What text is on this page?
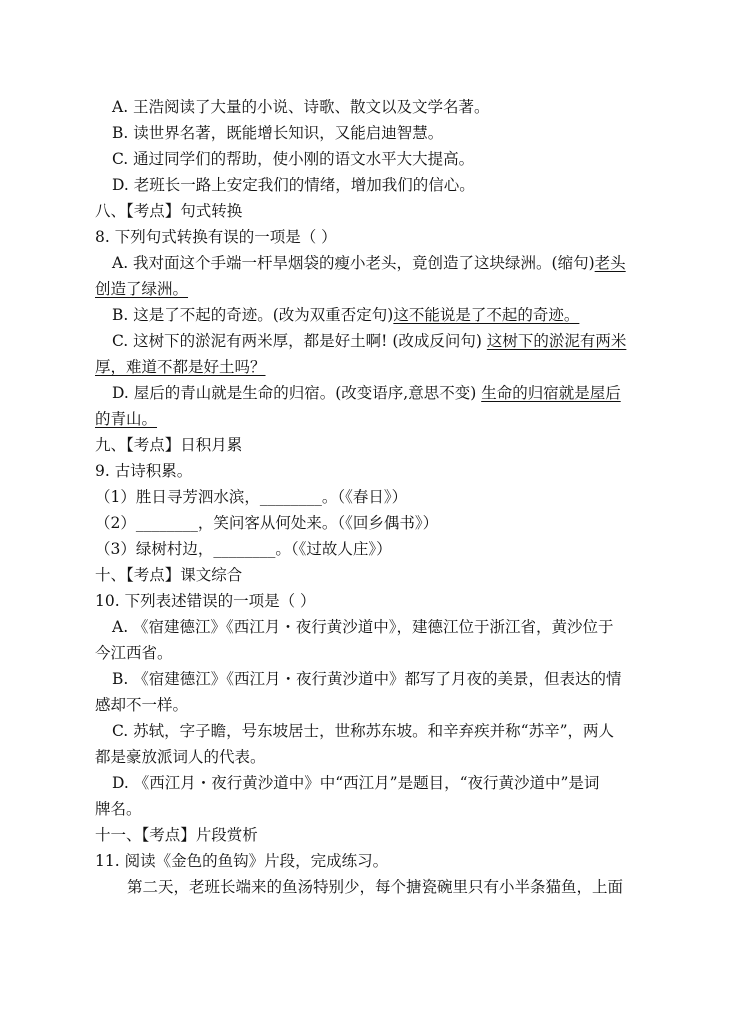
A. 王浩阅读了大量的小说、诗歌、散文以及文学名著。
B. 读世界名著，既能增长知识，又能启迪智慧。
C. 通过同学们的帮助，使小刚的语文水平大大提高。
D. 老班长一路上安定我们的情绪，增加我们的信心。
八、【考点】句式转换
8. 下列句式转换有误的一项是（ ）
A. 我对面这个手端一杆旱烟袋的瘦小老头，竟创造了这块绿洲。(缩句)老头
创造了绿洲。
B. 这是了不起的奇迹。(改为双重否定句)这不能说是了不起的奇迹。
C. 这树下的淤泥有两米厚，都是好土啊! (改成反问句) 这树下的淤泥有两米
厚，难道不都是好土吗？
D. 屋后的青山就是生命的归宿。(改变语序,意思不变) 生命的归宿就是屋后
的青山。
九、【考点】日积月累
9. 古诗积累。
（1）胜日寻芳泗水滨，________。（《春日》）
（2）________，笑问客从何处来。（《回乡偶书》）
（3）绿树村边，________。（《过故人庄》）
十、【考点】课文综合
10. 下列表述错误的一项是（ ）
A. 《宿建德江》《西江月・夜行黄沙道中》，建德江位于浙江省，黄沙位于
今江西省。
B. 《宿建德江》《西江月・夜行黄沙道中》都写了月夜的美景，但表达的情
感却不一样。
C. 苏轼，字子瞻，号东坡居士，世称苏东坡。和辛弃疾并称“苏辛”，两人
都是豪放派词人的代表。
D. 《西江月・夜行黄沙道中》中“西江月”是题目，“夜行黄沙道中”是词
牌名。
十一、【考点】片段赏析
11. 阅读《金色的鱼钩》片段，完成练习。
第二天，老班长端来的鱼汤特别少，每个搪瓷碗里只有小半条猫鱼，上面
